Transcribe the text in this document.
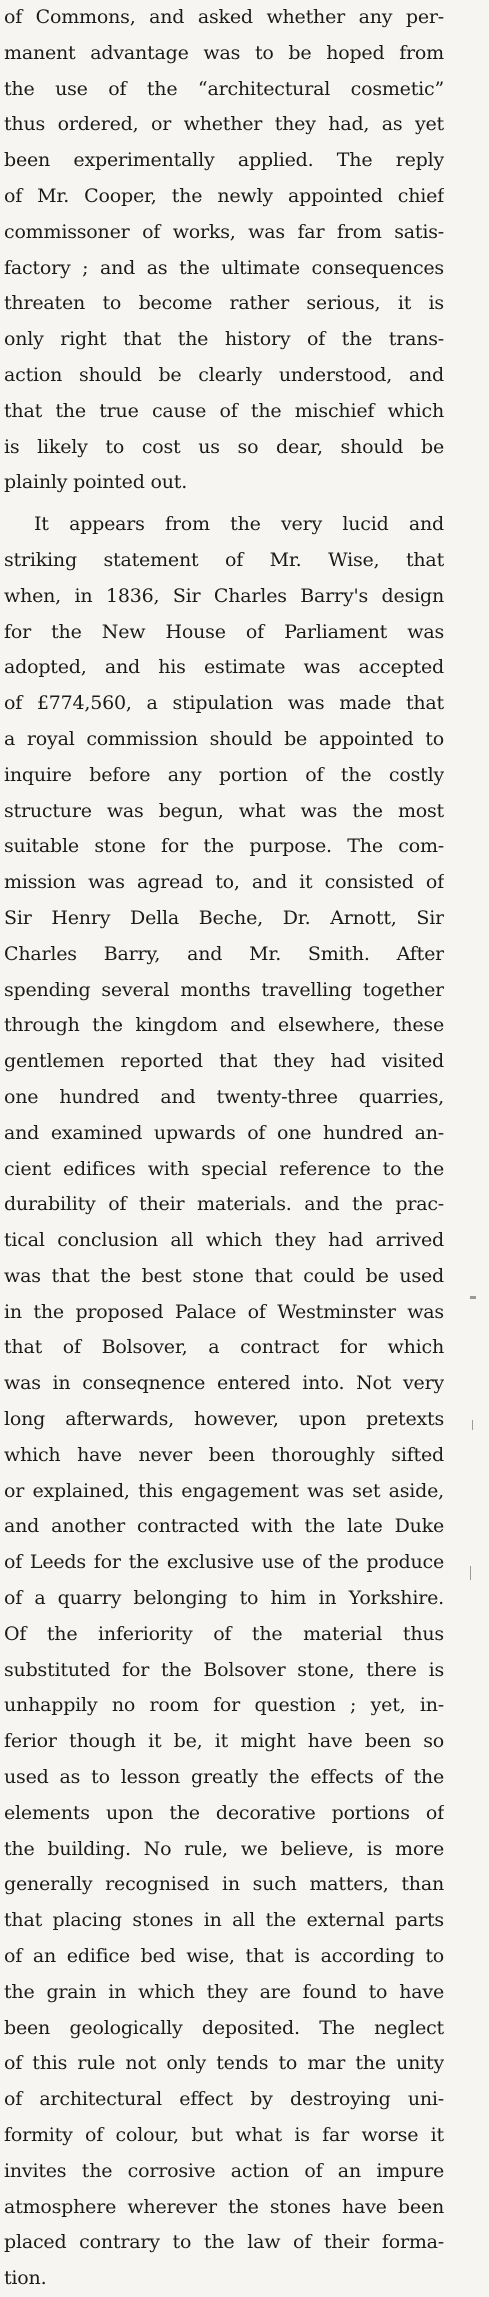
of Commons, and asked whether any per-
manent advantage was to be hoped from
the use of the “architectural cosmetic”
thus ordered, or whether they had, as yet
been experimentally applied. The reply
of Mr. Cooper, the newly appointed chief
commissoner of works, was far from satis-
factory ; and as the ultimate consequences
threaten to become rather serious, it is
only right that the history of the trans-
action should be clearly understood, and
that the true cause of the mischief which
is likely to cost us so dear, should be
plainly pointed out.
It appears from the very lucid and
striking statement of Mr. Wise, that
when, in 1836, Sir Charles Barry's design
for the New House of Parliament was
adopted, and his estimate was accepted
of £774,560, a stipulation was made that
a royal commission should be appointed to
inquire before any portion of the costly
structure was begun, what was the most
suitable stone for the purpose. The com-
mission was agread to, and it consisted of
Sir Henry Della Beche, Dr. Arnott, Sir
Charles Barry, and Mr. Smith. After
spending several months travelling together
through the kingdom and elsewhere, these
gentlemen reported that they had visited
one hundred and twenty-three quarries,
and examined upwards of one hundred an-
cient edifices with special reference to the
durability of their materials. and the prac-
tical conclusion all which they had arrived
was that the best stone that could be used
in the proposed Palace of Westminster was
that of Bolsover, a contract for which
was in conseqnence entered into. Not very
long afterwards, however, upon pretexts
which have never been thoroughly sifted
or explained, this engagement was set aside,
and another contracted with the late Duke
of Leeds for the exclusive use of the produce
of a quarry belonging to him in Yorkshire.
Of the inferiority of the material thus
substituted for the Bolsover stone, there is
unhappily no room for question ; yet, in-
ferior though it be, it might have been so
used as to lesson greatly the effects of the
elements upon the decorative portions of
the building. No rule, we believe, is more
generally recognised in such matters, than
that placing stones in all the external parts
of an edifice bed wise, that is according to
the grain in which they are found to have
been geologically deposited. The neglect
of this rule not only tends to mar the unity
of architectural effect by destroying uni-
formity of colour, but what is far worse it
invites the corrosive action of an impure
atmosphere wherever the stones have been
placed contrary to the law of their forma-
tion.
